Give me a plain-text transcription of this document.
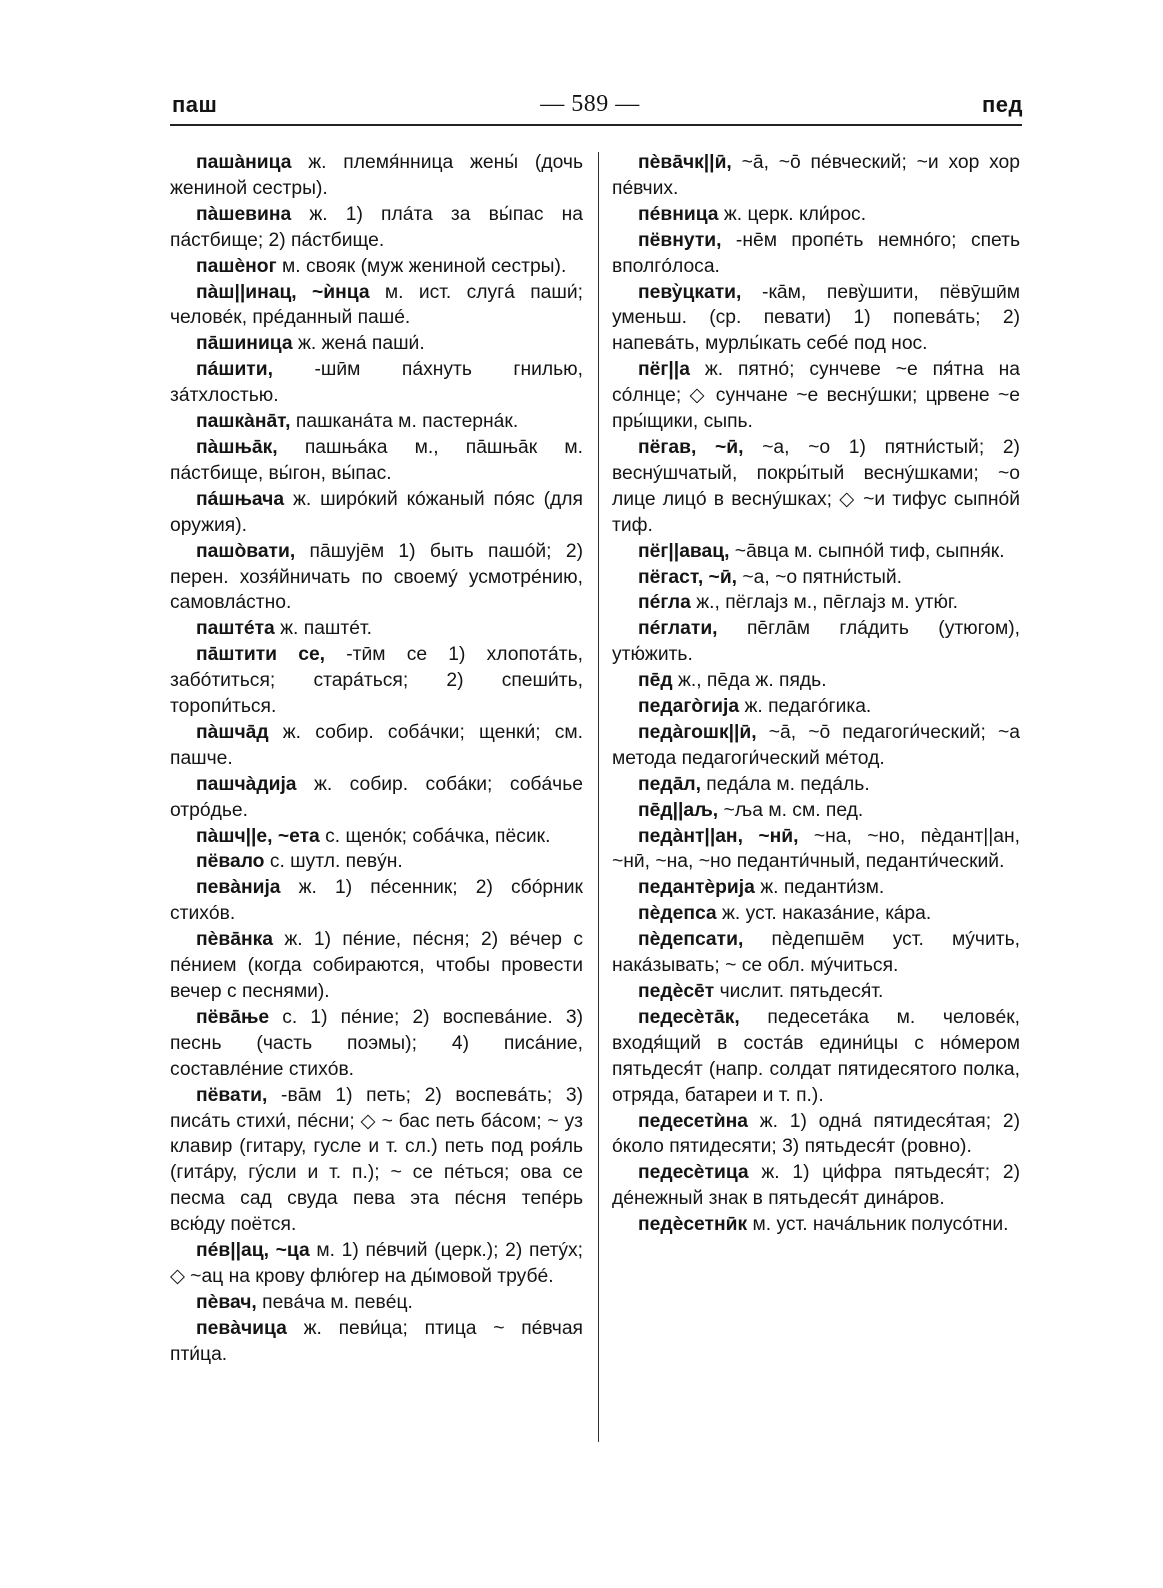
паш	— 589 —	пед

пашàница ж. племя́нница жены́ (дочь жениной сестры).

пàшевина ж. 1) плáта за вы́пас на пáстбище; 2) пáстбище.

пашèног м. свояк (муж жениной сестры).

пàш||инац, ~ѝнца м. ист. слугá паши́; человéк, прéданный пашé.

пāшиница ж. женá паши́.

пáшити, -шӣм пáхнуть гнилью, зáтхлостью.

пашкàнāт, пашканáта м. пастернáк.

пàшњāк, пашњáка м., пāшњāк м. пáстбище, вы́гон, вы́пас.

пáшњача ж. широ́кий кóжаный пóяс (для оружия).

пашòвати, пāшујēм 1) быть пашóй; 2) перен. хозя́йничать по своемý усмотрéнию, самовлáстно.

паштéта ж. паштéт.

пāштити се, -тӣм се 1) хлопотáть, забóтиться; старáться; 2) спеши́ть, торопи́ться.

пàшчāд ж. собир. собáчки; щенки́; см. пашче.

пашчàдија ж. собир. собáки; собáчье отрóдье.

пàшч||е, ~ета с. щенóк; собáчка, пёсик.

пёвало с. шутл. певýн.

певàнија ж. 1) пéсенник; 2) сбóрник стихóв.

пèвāнка ж. 1) пéние, пéсня; 2) вéчер с пéнием (когда собираются, чтобы провести вечер с песнями).

пёвāње с. 1) пéние; 2) воспевáние. 3) песнь (часть поэмы); 4) писáние, составлéние стихóв.

пёвати, -вāм 1) петь; 2) воспевáть; 3) писáть стихи́, пéсни; ◇ ~ бас петь бáсом; ~ уз клавир (гитару, гусле и т. сл.) петь под роя́ль (гитáру, гýсли и т. п.); ~ се пéться; ова се песма сад свуда пева эта пéсня тепéрь всю́ду поётся.

пéв||ац, ~ца м. 1) пéвчий (церк.); 2) петýх; ◇ ~ац на крову флю́гер на ды́мовой трубé.

пèвач, певáча м. певéц.

певàчица ж. певи́ца; птица ~ пéвчая пти́ца.

пèвāчк||ӣ, ~ā, ~ō пéвческий; ~и хор хор пéвчих.

пéвница ж. церк. кли́рос.

пёвнути, -нēм пропéть немнóго; спеть вполгóлоса.

певу̀цкати, -кāм, певу̀шити, пёвӯшӣм уменьш. (ср. певати) 1) попевáть; 2) напевáть, мурлы́кать себé под нос.

пёг||а ж. пятнó; сунчеве ~е пя́тна на сóлнце; ◇ сунчане ~е веснýшки; црвене ~е пры́щики, сыпь.

пёгав, ~ӣ, ~а, ~о 1) пятни́стый; 2) веснýшчатый, покры́тый веснýшками; ~о лице лицó в веснýшках; ◇ ~и тифус сыпнóй тиф.

пёг||авац, ~āвца м. сыпнóй тиф, сыпня́к.

пёгаст, ~ӣ, ~а, ~о пятни́стый.

пéгла ж., пёглајз м., пēглајз м. утю́г.

пéглати, пēглāм глáдить (утюгом), утю́жить.

пēд ж., пēда ж. пядь.

педагòгија ж. педагóгика.

педàгошк||ӣ, ~ā, ~ō педагоги́ческий; ~а метода педагоги́ческий мéтод.

педāл, педáла м. педáль.

пēд||аљ, ~ља м. см. пед.

педàнт||ан, ~нӣ, ~на, ~но, пèдант||ан, ~нӣ, ~на, ~но педанти́чный, педанти́ческий.

педантèрија ж. педанти́зм.

пèдепса ж. уст. наказáние, кáра.

пèдепсати, пèдепшēм уст. мýчить, накáзывать; ~ се обл. мýчиться.

педèсēт числит. пятьдеся́т.

педесèтāк, педесетáка м. человéк, входя́щий в состáв едини́цы с нóмером пятьдеся́т (напр. солдат пятидесятого полка, отряда, батареи и т. п.).

педесетѝна ж. 1) однá пятидеся́тая; 2) óколо пятидесяти; 3) пятьдеся́т (ровно).

педесèтица ж. 1) ци́фра пятьдеся́т; 2) дéнежный знак в пятьдеся́т динáров.

педèсетнӣк м. уст. начáльник полусóтни.
